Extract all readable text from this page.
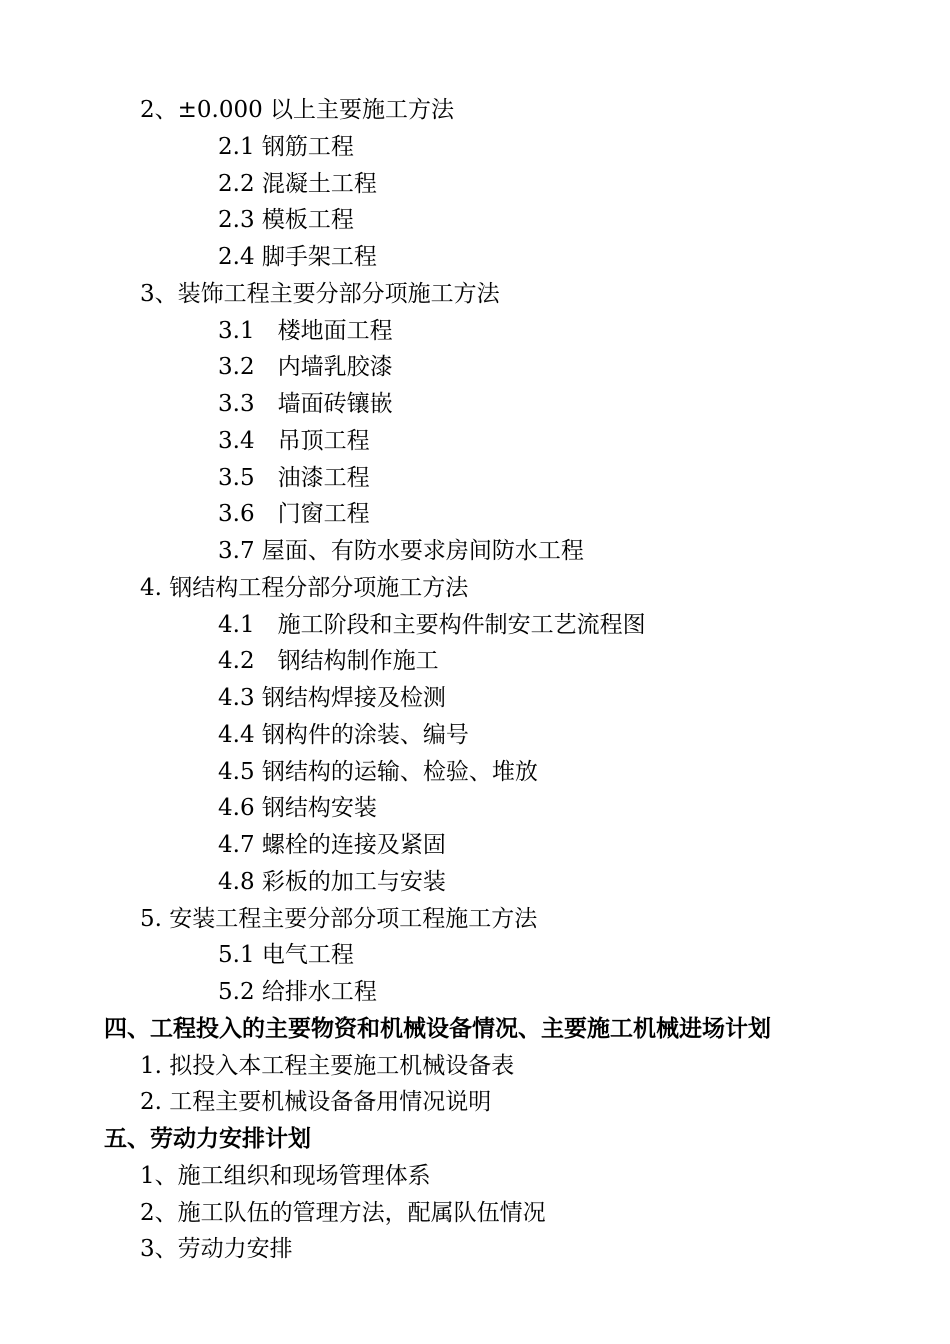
2、±0.000 以上主要施工方法
2.1 钢筋工程
2.2 混凝土工程
2.3 模板工程
2.4 脚手架工程
3、装饰工程主要分部分项施工方法
3.1　楼地面工程
3.2　内墙乳胶漆
3.3　墙面砖镶嵌
3.4　吊顶工程
3.5　油漆工程
3.6　门窗工程
3.7 屋面、有防水要求房间防水工程
4. 钢结构工程分部分项施工方法
4.1　施工阶段和主要构件制安工艺流程图
4.2　钢结构制作施工
4.3 钢结构焊接及检测
4.4 钢构件的涂装、编号
4.5 钢结构的运输、检验、堆放
4.6 钢结构安装
4.7 螺栓的连接及紧固
4.8 彩板的加工与安装
5. 安装工程主要分部分项工程施工方法
5.1 电气工程
5.2 给排水工程
四、工程投入的主要物资和机械设备情况、主要施工机械进场计划
1. 拟投入本工程主要施工机械设备表
2. 工程主要机械设备备用情况说明
五、劳动力安排计划
1、施工组织和现场管理体系
2、施工队伍的管理方法，配属队伍情况
3、劳动力安排
